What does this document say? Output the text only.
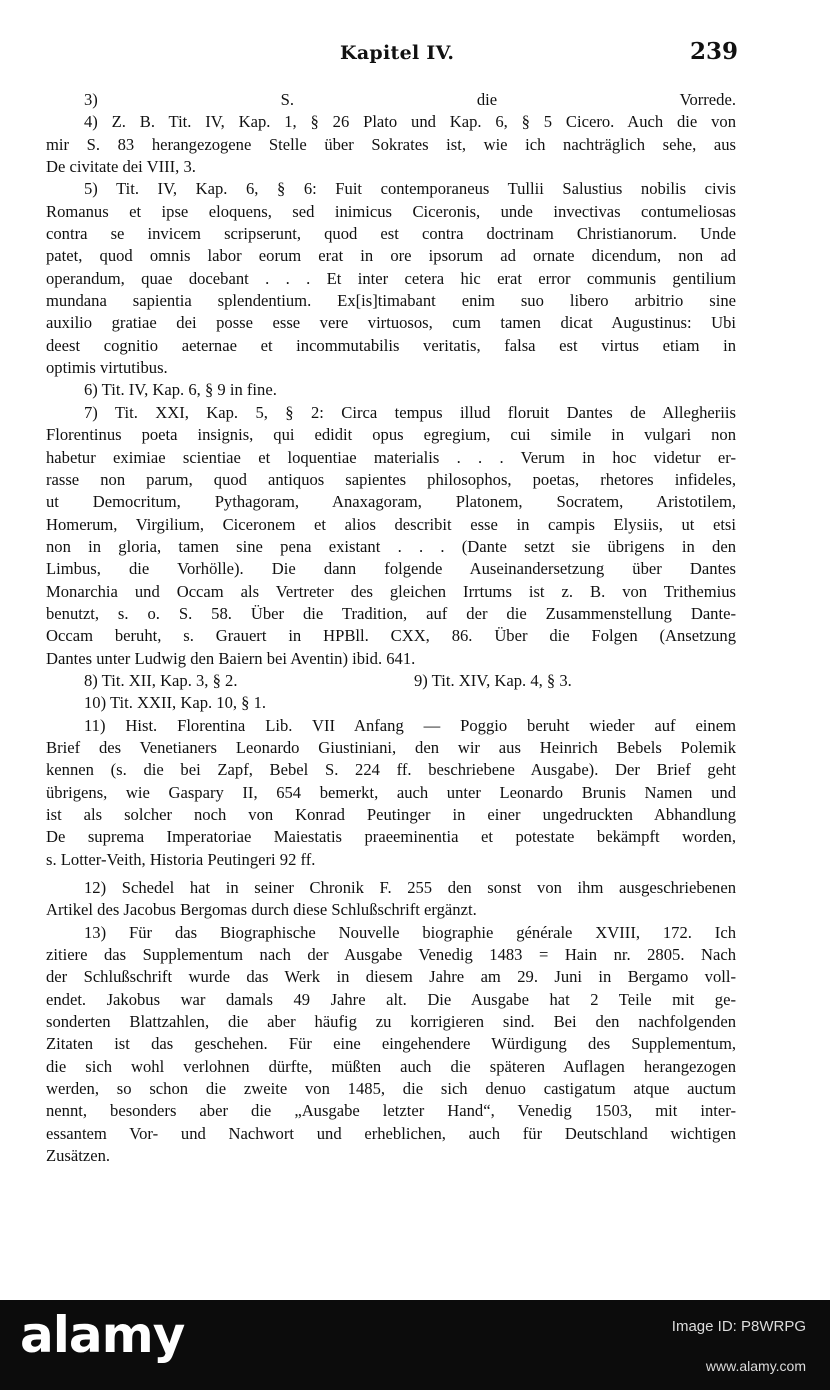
Kapitel IV.	239
3) S. die Vorrede.
4) Z. B. Tit. IV, Kap. 1, § 26 Plato und Kap. 6, § 5 Cicero. Auch die von
mir S. 83 herangezogene Stelle über Sokrates ist, wie ich nachträglich sehe, aus
De civitate dei VIII, 3.
5) Tit. IV, Kap. 6, § 6: Fuit contemporaneus Tullii Salustius nobilis civis
Romanus et ipse eloquens, sed inimicus Ciceronis, unde invectivas contumeliosas
contra se invicem scripserunt, quod est contra doctrinam Christianorum. Unde
patet, quod omnis labor eorum erat in ore ipsorum ad ornate dicendum, non ad
operandum, quae docebant . . . Et inter cetera hic erat error communis gentilium
mundana sapientia splendentium. Ex[is]timabant enim suo libero arbitrio sine
auxilio gratiae dei posse esse vere virtuosos, cum tamen dicat Augustinus: Ubi
deest cognitio aeternae et incommutabilis veritatis, falsa est virtus etiam in
optimis virtutibus.
6) Tit. IV, Kap. 6, § 9 in fine.
7) Tit. XXI, Kap. 5, § 2: Circa tempus illud floruit Dantes de Allegheriis
Florentinus poeta insignis, qui edidit opus egregium, cui simile in vulgari non
habetur eximiae scientiae et loquentiae materialis . . . Verum in hoc videtur er-
rasse non parum, quod antiquos sapientes philosophos, poetas, rhetores infideles,
ut Democritum, Pythagoram, Anaxagoram, Platonem, Socratem, Aristotilem,
Homerum, Virgilium, Ciceronem et alios describit esse in campis Elysiis, ut etsi
non in gloria, tamen sine pena existant . . . (Dante setzt sie übrigens in den
Limbus, die Vorhölle). Die dann folgende Auseinandersetzung über Dantes
Monarchia und Occam als Vertreter des gleichen Irrtums ist z. B. von Trithemius
benutzt, s. o. S. 58. Über die Tradition, auf der die Zusammenstellung Dante-
Occam beruht, s. Grauert in HPBll. CXX, 86. Über die Folgen (Ansetzung
Dantes unter Ludwig den Baiern bei Aventin) ibid. 641.
8) Tit. XII, Kap. 3, § 2.	9) Tit. XIV, Kap. 4, § 3.
10) Tit. XXII, Kap. 10, § 1.
11) Hist. Florentina Lib. VII Anfang — Poggio beruht wieder auf einem
Brief des Venetianers Leonardo Giustiniani, den wir aus Heinrich Bebels Polemik
kennen (s. die bei Zapf, Bebel S. 224 ff. beschriebene Ausgabe). Der Brief geht
übrigens, wie Gaspary II, 654 bemerkt, auch unter Leonardo Brunis Namen und
ist als solcher noch von Konrad Peutinger in einer ungedruckten Abhandlung
De suprema Imperatoriae Maiestatis praeeminentia et potestate bekämpft worden,
s. Lotter-Veith, Historia Peutingeri 92 ff.
12) Schedel hat in seiner Chronik F. 255 den sonst von ihm ausgeschriebenen
Artikel des Jacobus Bergomas durch diese Schlußschrift ergänzt.
13) Für das Biographische Nouvelle biographie générale XVIII, 172. Ich
zitiere das Supplementum nach der Ausgabe Venedig 1483 = Hain nr. 2805. Nach
der Schlußschrift wurde das Werk in diesem Jahre am 29. Juni in Bergamo voll-
endet. Jakobus war damals 49 Jahre alt. Die Ausgabe hat 2 Teile mit ge-
sonderten Blattzahlen, die aber häufig zu korrigieren sind. Bei den nachfolgenden
Zitaten ist das geschehen. Für eine eingehendere Würdigung des Supplementum,
die sich wohl verlohnen dürfte, müßten auch die späteren Auflagen herangezogen
werden, so schon die zweite von 1485, die sich denuo castigatum atque auctum
nennt, besonders aber die „Ausgabe letzter Hand“, Venedig 1503, mit inter-
essantem Vor- und Nachwort und erheblichen, auch für Deutschland wichtigen
Zusätzen.
alamy	Image ID: P8WRPG
www.alamy.com
